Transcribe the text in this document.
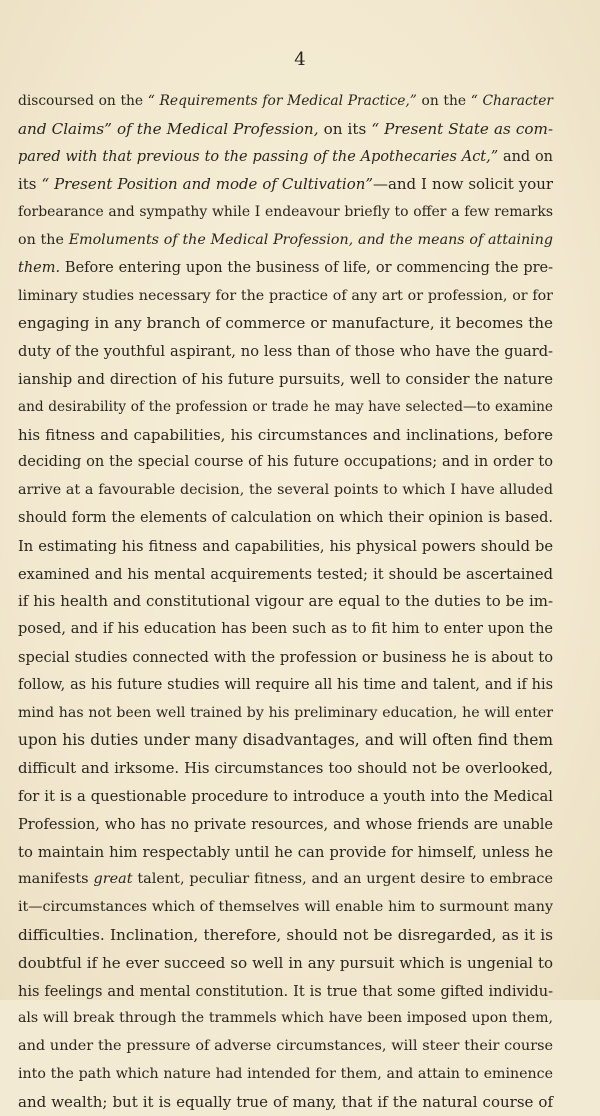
4
discoursed on the “ Requirements for Medical Practice,” on the “ Character
and Claims” of the Medical Profession, on its “ Present State as com-
pared with that previous to the passing of the Apothecaries Act,” and on
its “ Present Position and mode of Cultivation”—and I now solicit your
forbearance and sympathy while I endeavour briefly to offer a few remarks
on the Emoluments of the Medical Profession, and the means of attaining
them. Before entering upon the business of life, or commencing the pre-
liminary studies necessary for the practice of any art or profession, or for
engaging in any branch of commerce or manufacture, it becomes the
duty of the youthful aspirant, no less than of those who have the guard-
ianship and direction of his future pursuits, well to consider the nature
and desirability of the profession or trade he may have selected—to examine
his fitness and capabilities, his circumstances and inclinations, before
deciding on the special course of his future occupations; and in order to
arrive at a favourable decision, the several points to which I have alluded
should form the elements of calculation on which their opinion is based.
In estimating his fitness and capabilities, his physical powers should be
examined and his mental acquirements tested; it should be ascertained
if his health and constitutional vigour are equal to the duties to be im-
posed, and if his education has been such as to fit him to enter upon the
special studies connected with the profession or business he is about to
follow, as his future studies will require all his time and talent, and if his
mind has not been well trained by his preliminary education, he will enter
upon his duties under many disadvantages, and will often find them
difficult and irksome. His circumstances too should not be overlooked,
for it is a questionable procedure to introduce a youth into the Medical
Profession, who has no private resources, and whose friends are unable
to maintain him respectably until he can provide for himself, unless he
manifests great talent, peculiar fitness, and an urgent desire to embrace
it—circumstances which of themselves will enable him to surmount many
difficulties. Inclination, therefore, should not be disregarded, as it is
doubtful if he ever succeed so well in any pursuit which is ungenial to
his feelings and mental constitution. It is true that some gifted individu-
als will break through the trammels which have been imposed upon them,
and under the pressure of adverse circumstances, will steer their course
into the path which nature had intended for them, and attain to eminence
and wealth; but it is equally true of many, that if the natural course of
